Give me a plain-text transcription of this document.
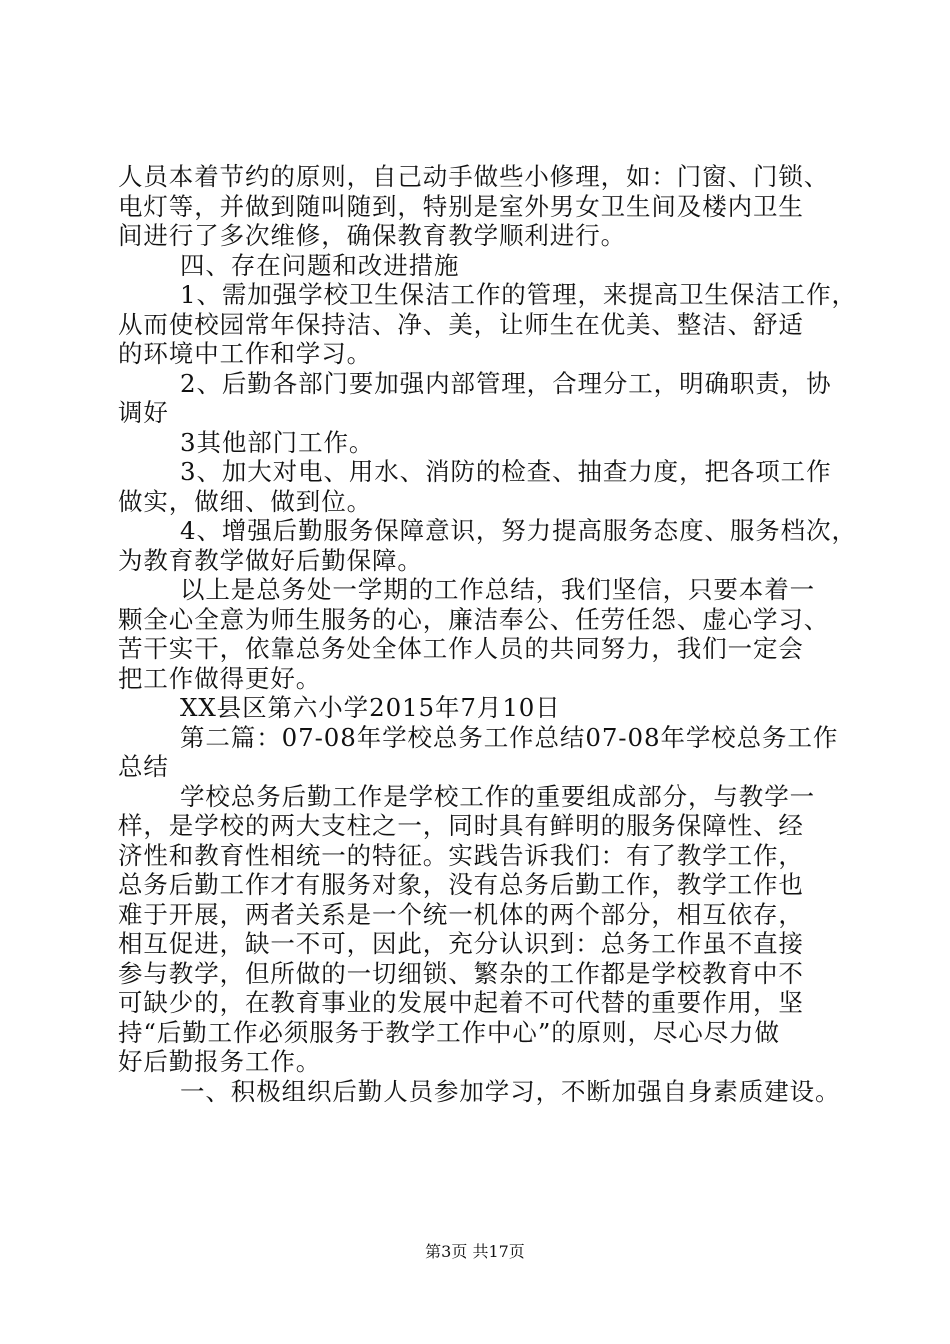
人员本着节约的原则，自己动手做些小修理，如：门窗、门锁、
电灯等，并做到随叫随到，特别是室外男女卫生间及楼内卫生
间进行了多次维修，确保教育教学顺利进行。
四、存在问题和改进措施
1、需加强学校卫生保洁工作的管理，来提高卫生保洁工作，
从而使校园常年保持洁、净、美，让师生在优美、整洁、舒适
的环境中工作和学习。
2、后勤各部门要加强内部管理，合理分工，明确职责，协
调好
3其他部门工作。
3、加大对电、用水、消防的检查、抽查力度，把各项工作
做实，做细、做到位。
4、增强后勤服务保障意识，努力提高服务态度、服务档次，
为教育教学做好后勤保障。
以上是总务处一学期的工作总结，我们坚信，只要本着一
颗全心全意为师生服务的心，廉洁奉公、任劳任怨、虚心学习、
苦干实干，依靠总务处全体工作人员的共同努力，我们一定会
把工作做得更好。
XX县区第六小学2015年7月10日
第二篇：07-08年学校总务工作总结07-08年学校总务工作
总结
学校总务后勤工作是学校工作的重要组成部分，与教学一
样，是学校的两大支柱之一，同时具有鲜明的服务保障性、经
济性和教育性相统一的特征。实践告诉我们：有了教学工作，
总务后勤工作才有服务对象，没有总务后勤工作，教学工作也
难于开展，两者关系是一个统一机体的两个部分，相互依存，
相互促进，缺一不可，因此，充分认识到：总务工作虽不直接
参与教学，但所做的一切细锁、繁杂的工作都是学校教育中不
可缺少的，在教育事业的发展中起着不可代替的重要作用，坚
持“后勤工作必须服务于教学工作中心”的原则，尽心尽力做
好后勤报务工作。
一、积极组织后勤人员参加学习，不断加强自身素质建设。
第3页 共17页
